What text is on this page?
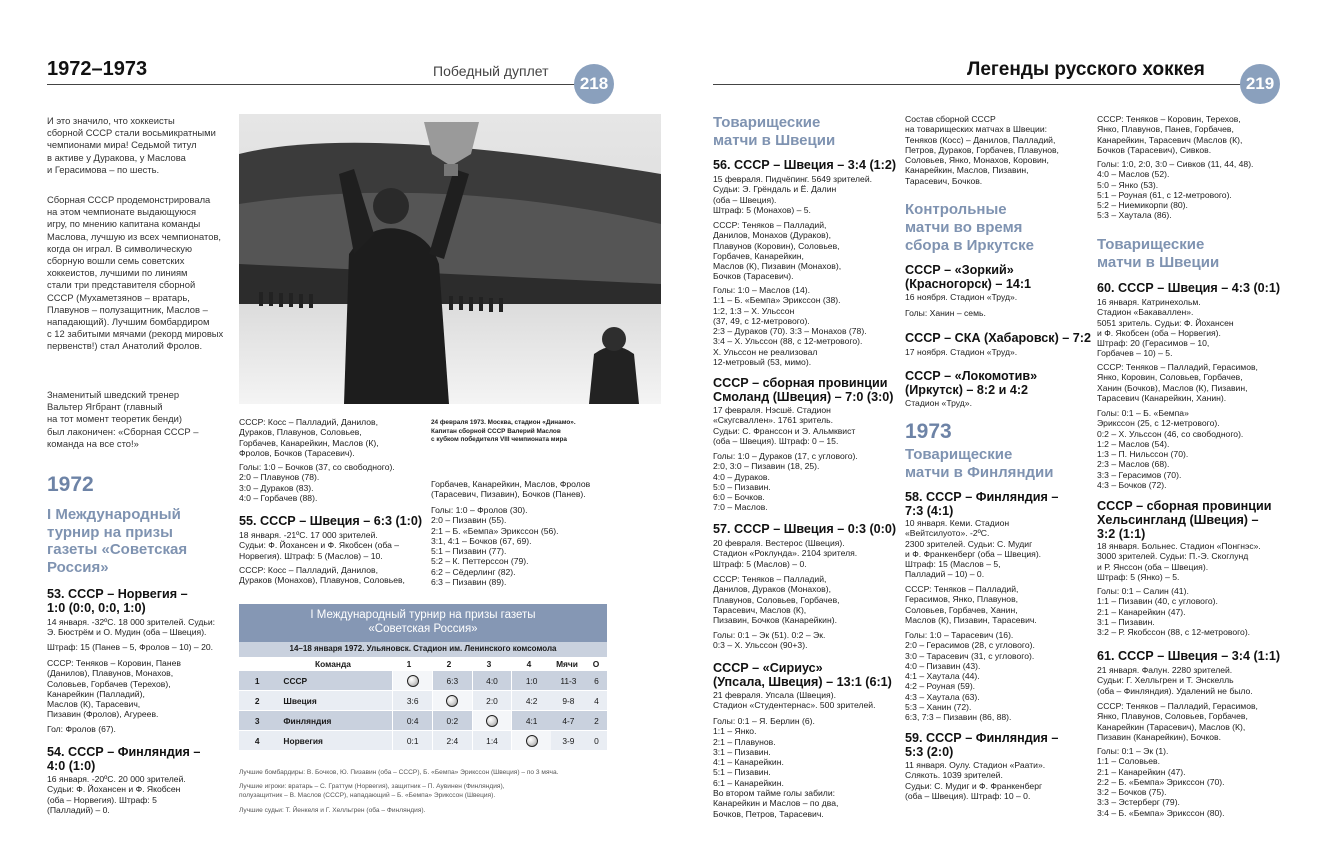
1972–1973	Победный дуплет
218
Легенды русского хоккея
219
И это значило, что хоккеисты
сборной СССР стали восьмикратными
чемпионами мира! Седьмой титул
в активе у Дуракова, у Маслова
и Герасимова – по шесть.
Сборная СССР продемонстрировала
на этом чемпионате выдающуюся
игру, по мнению капитана команды
Маслова, лучшую из всех чемпионатов,
когда он играл. В символическую
сборную вошли семь советских
хоккеистов, лучшими по линиям
стали три представителя сборной
СССР (Мухаметзянов – вратарь,
Плавунов – полузащитник, Маслов –
нападающий). Лучшим бомбардиром
с 12 забитыми мячами (рекорд мировых
первенств!) стал Анатолий Фролов.
Знаменитый шведский тренер
Вальтер Ягбрант (главный
на тот момент теоретик бенди)
был лаконичен: «Сборная СССР –
команда на все сто!»
1972
I Международный
турнир на призы
газеты «Советская
Россия»
53. СССР – Норвегия –
1:0 (0:0, 0:0, 1:0)
14 января. -32ºС. 18 000 зрителей. Судьи:
Э. Бюстрём и О. Мудин (оба – Швеция).
Штраф: 15 (Панев – 5, Фролов – 10) – 20.
СССР: Теняков – Коровин, Панев
(Данилов), Плавунов, Монахов,
Соловьев, Горбачев (Терехов),
Канарейкин (Палладий),
Маслов (К), Тарасевич,
Пизавин (Фролов), Агуреев.
Гол: Фролов (67).
54. СССР – Финляндия –
4:0 (1:0)
16 января. -20ºС. 20 000 зрителей.
Судьи: Ф. Йохансен и Ф. Якобсен
(оба – Норвегия). Штраф: 5
(Палладий) – 0.
СССР: Косс – Палладий, Данилов,
Дураков, Плавунов, Соловьев,
Горбачев, Канарейкин, Маслов (К),
Фролов, Бочков (Тарасевич).
Голы: 1:0 – Бочков (37, со свободного).
2:0 – Плавунов (78).
3:0 – Дураков (83).
4:0 – Горбачев (88).
24 февраля 1973. Москва, стадион «Динамо».
Капитан сборной СССР Валерий Маслов
с кубком победителя VIII чемпионата мира
55. СССР – Швеция – 6:3 (1:0)
18 января. -21ºС. 17 000 зрителей.
Судьи: Ф. Йохансен и Ф. Якобсен (оба –
Норвегия). Штраф: 5 (Маслов) – 10.
СССР: Косс – Палладий, Данилов,
Дураков (Монахов), Плавунов, Соловьев,
Горбачев, Канарейкин, Маслов, Фролов
(Тарасевич, Пизавин), Бочков (Панев).
Голы: 1:0 – Фролов (30).
2:0 – Пизавин (55).
2:1 – Б. «Бемпа» Эрикссон (56).
3:1, 4:1 – Бочков (67, 69).
5:1 – Пизавин (77).
5:2 – К. Петтерссон (79).
6:2 – Сёдерлинг (82).
6:3 – Пизавин (89).
I Международный турнир на призы газеты
«Советская Россия»
14–18 января 1972. Ульяновск. Стадион им. Ленинского комсомола
	Команда	1	2	3	4	Мячи	О
1	СССР		6:3	4:0	1:0	11-3	6
2	Швеция	3:6		2:0	4:2	9-8	4
3	Финляндия	0:4	0:2		4:1	4-7	2
4	Норвегия	0:1	2:4	1:4		3-9	0
Лучшие бомбардиры: В. Бочков, Ю. Пизавин (оба – СССР), Б. «Бемпа» Эрикссон (Швеция) – по 3 мяча.
Лучшие игроки: вратарь – С. Граттум (Норвегия), защитник – П. Аувинен (Финляндия),
полузащитник – В. Маслов (СССР), нападающий – Б. «Бемпа» Эрикссон (Швеция).
Лучшие судьи: Т. Йенкеля и Г. Хелльгрен (оба – Финляндия).
Товарищеские
матчи в Швеции
56. СССР – Швеция – 3:4 (1:2)
15 февраля. Пидчёпинг. 5649 зрителей.
Судьи: Э. Грёндаль и Ё. Далин
(оба – Швеция).
Штраф: 5 (Монахов) – 5.
СССР: Теняков – Палладий,
Данилов, Монахов (Дураков),
Плавунов (Коровин), Соловьев,
Горбачев, Канарейкин,
Маслов (К), Пизавин (Монахов),
Бочков (Тарасевич).
Голы: 1:0 – Маслов (14).
1:1 – Б. «Бемпа» Эрикссон (38).
1:2, 1:3 – Х. Ульссон
(37, 49, с 12-метрового).
2:3 – Дураков (70). 3:3 – Монахов (78).
3:4 – Х. Ульссон (88, с 12-метрового).
Х. Ульссон не реализовал
12-метровый (53, мимо).
СССР – сборная провинции
Смоланд (Швеция) – 7:0 (3:0)
17 февраля. Нэсшё. Стадион
«Скугсваллен». 1761 зритель.
Судьи: С. Франссон и Э. Альмквист
(оба – Швеция). Штраф: 0 – 15.
Голы: 1:0 – Дураков (17, с углового).
2:0, 3:0 – Пизавин (18, 25).
4:0 – Дураков.
5:0 – Пизавин.
6:0 – Бочков.
7:0 – Маслов.
57. СССР – Швеция – 0:3 (0:0)
20 февраля. Вестерос (Швеция).
Стадион «Роклунда». 2104 зрителя.
Штраф: 5 (Маслов) – 0.
СССР: Теняков – Палладий,
Данилов, Дураков (Монахов),
Плавунов, Соловьев, Горбачев,
Тарасевич, Маслов (К),
Пизавин, Бочков (Канарейкин).
Голы: 0:1 – Эк (51). 0:2 – Эк.
0:3 – Х. Ульссон (90+3).
СССР – «Сириус»
(Упсала, Швеция) – 13:1 (6:1)
21 февраля. Упсала (Швеция).
Стадион «Студентернас». 500 зрителей.
Голы: 0:1 – Я. Берлин (6).
1:1 – Янко.
2:1 – Плавунов.
3:1 – Пизавин.
4:1 – Канарейкин.
5:1 – Пизавин.
6:1 – Канарейкин.
Во втором тайме голы забили:
Канарейкин и Маслов – по два,
Бочков, Петров, Тарасевич.
Состав сборной СССР
на товарищеских матчах в Швеции:
Теняков (Косс) – Данилов, Палладий,
Петров, Дураков, Горбачев, Плавунов,
Соловьев, Янко, Монахов, Коровин,
Канарейкин, Маслов, Пизавин,
Тарасевич, Бочков.
Контрольные
матчи во время
сбора в Иркутске
СССР – «Зоркий»
(Красногорск) – 14:1
16 ноября. Стадион «Труд».
Голы: Ханин – семь.
СССР – СКА (Хабаровск) – 7:2
17 ноября. Стадион «Труд».
СССР – «Локомотив»
(Иркутск) – 8:2 и 4:2
Стадион «Труд».
1973
Товарищеские
матчи в Финляндии
58. СССР – Финляндия –
7:3 (4:1)
10 января. Кеми. Стадион
«Вейтсилуото». -2ºС.
2300 зрителей. Судьи: С. Мудиг
и Ф. Франкенберг (оба – Швеция).
Штраф: 15 (Маслов – 5,
Палладий – 10) – 0.
СССР: Теняков – Палладий,
Герасимов, Янко, Плавунов,
Соловьев, Горбачев, Ханин,
Маслов (К), Пизавин, Тарасевич.
Голы: 1:0 – Тарасевич (16).
2:0 – Герасимов (28, с углового).
3:0 – Тарасевич (31, с углового).
4:0 – Пизавин (43).
4:1 – Хаутала (44).
4:2 – Роуная (59).
4:3 – Хаутала (63).
5:3 – Ханин (72).
6:3, 7:3 – Пизавин (86, 88).
59. СССР – Финляндия –
5:3 (2:0)
11 января. Оулу. Стадион «Раати».
Слякоть. 1039 зрителей.
Судьи: С. Мудиг и Ф. Франкенберг
(оба – Швеция). Штраф: 10 – 0.
СССР: Теняков – Коровин, Терехов,
Янко, Плавунов, Панев, Горбачев,
Канарейкин, Тарасевич (Маслов (К),
Бочков (Тарасевич), Сивков.
Голы: 1:0, 2:0, 3:0 – Сивков (11, 44, 48).
4:0 – Маслов (52).
5:0 – Янко (53).
5:1 – Роуная (61, с 12-метрового).
5:2 – Ниемикорпи (80).
5:3 – Хаутала (86).
Товарищеские
матчи в Швеции
60. СССР – Швеция – 4:3 (0:1)
16 января. Катринехольм.
Стадион «Бакаваллен».
5051 зритель. Судьи: Ф. Йохансен
и Ф. Якобсен (оба – Норвегия).
Штраф: 20 (Герасимов – 10,
Горбачев – 10) – 5.
СССР: Теняков – Палладий, Герасимов,
Янко, Коровин, Соловьев, Горбачев,
Ханин (Бочков), Маслов (К), Пизавин,
Тарасевич (Канарейкин, Ханин).
Голы: 0:1 – Б. «Бемпа»
Эрикссон (25, с 12-метрового).
0:2 – Х. Ульссон (46, со свободного).
1:2 – Маслов (54).
1:3 – П. Нильссон (70).
2:3 – Маслов (68).
3:3 – Герасимов (70).
4:3 – Бочков (72).
СССР – сборная провинции
Хельсингланд (Швеция) –
3:2 (1:1)
18 января. Больнес. Стадион «Понгнэс».
3000 зрителей. Судьи: П.-Э. Скоглунд
и Р. Янссон (оба – Швеция).
Штраф: 5 (Янко) – 5.
Голы: 0:1 – Салин (41).
1:1 – Пизавин (40, с углового).
2:1 – Канарейкин (47).
3:1 – Пизавин.
3:2 – Р. Якобссон (88, с 12-метрового).
61. СССР – Швеция – 3:4 (1:1)
21 января. Фалун. 2280 зрителей.
Судьи: Г. Хелльгрен и Т. Энскелль
(оба – Финляндия). Удалений не было.
СССР: Теняков – Палладий, Герасимов,
Янко, Плавунов, Соловьев, Горбачев,
Канарейкин (Тарасевич), Маслов (К),
Пизавин (Канарейкин), Бочков.
Голы: 0:1 – Эк (1).
1:1 – Соловьев.
2:1 – Канарейкин (47).
2:2 – Б. «Бемпа» Эрикссон (70).
3:2 – Бочков (75).
3:3 – Эстерберг (79).
3:4 – Б. «Бемпа» Эрикссон (80).
